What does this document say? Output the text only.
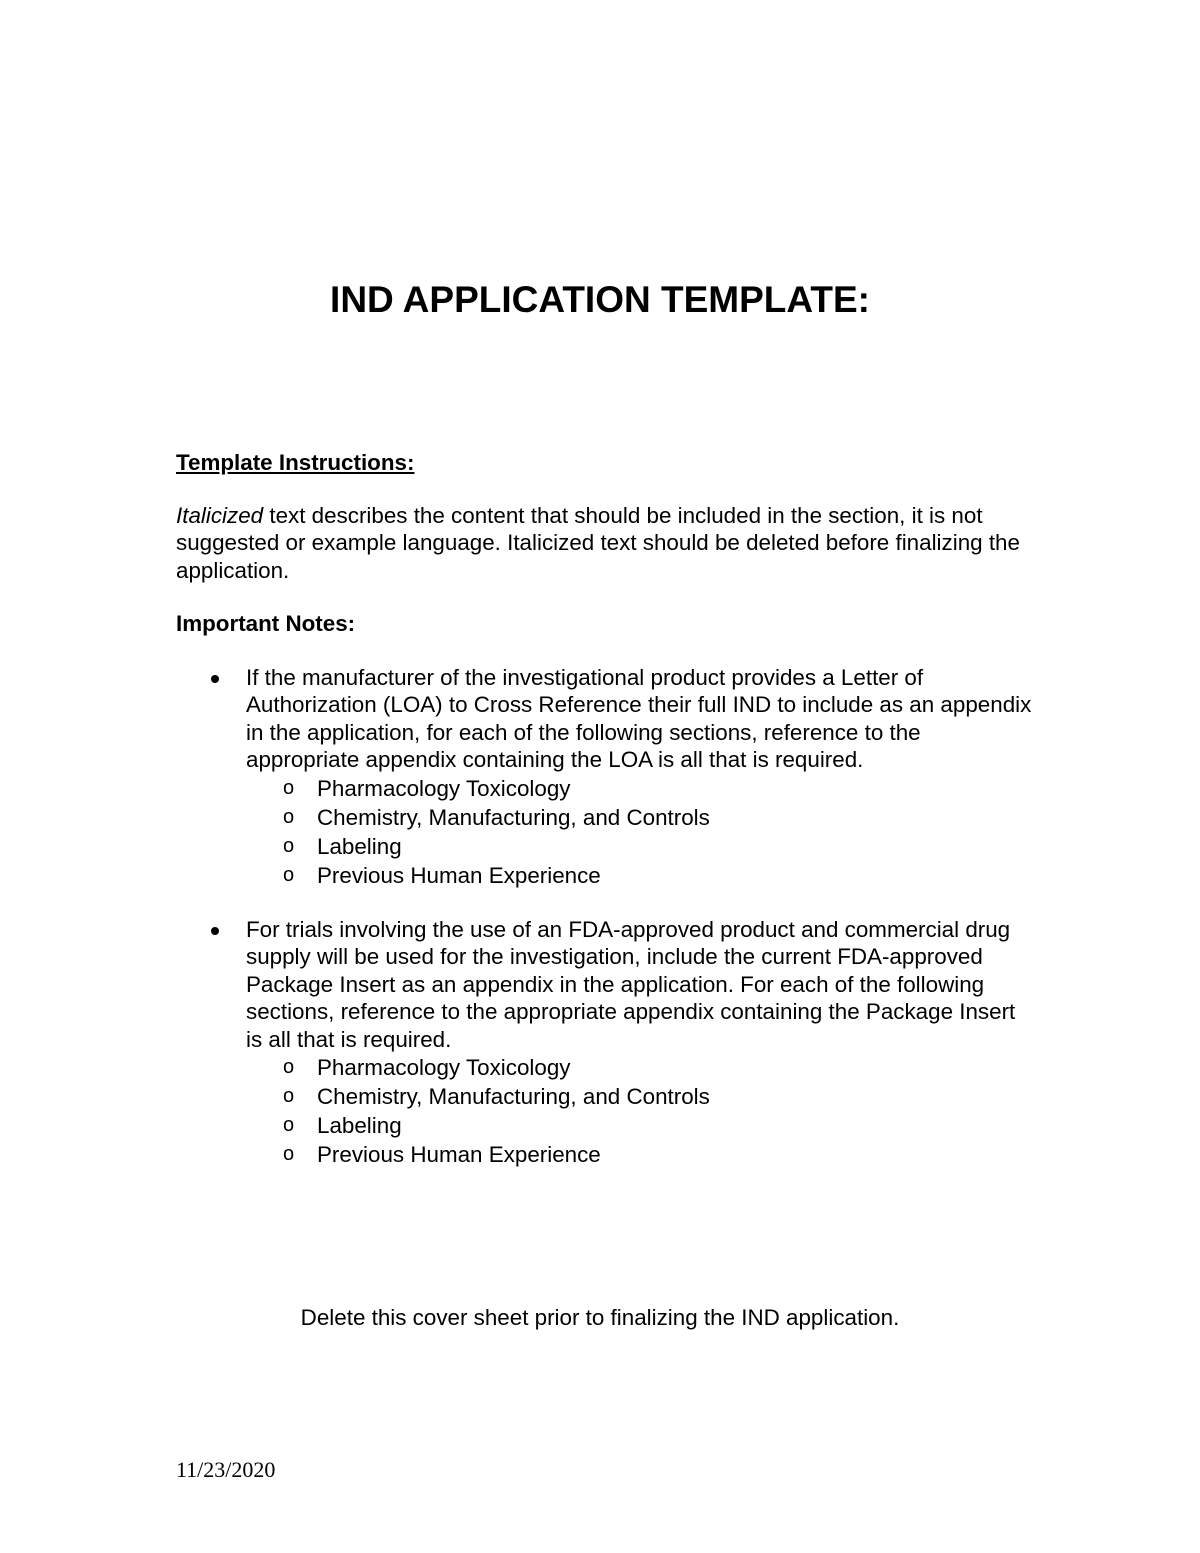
IND APPLICATION TEMPLATE:

Template Instructions:

Italicized text describes the content that should be included in the section, it is not suggested or example language. Italicized text should be deleted before finalizing the application.

Important Notes:

If the manufacturer of the investigational product provides a Letter of Authorization (LOA) to Cross Reference their full IND to include as an appendix in the application, for each of the following sections, reference to the appropriate appendix containing the LOA is all that is required.

o Pharmacology Toxicology
o Chemistry, Manufacturing, and Controls
o Labeling
o Previous Human Experience

For trials involving the use of an FDA-approved product and commercial drug supply will be used for the investigation, include the current FDA-approved Package Insert as an appendix in the application. For each of the following sections, reference to the appropriate appendix containing the Package Insert is all that is required.

o Pharmacology Toxicology
o Chemistry, Manufacturing, and Controls
o Labeling
o Previous Human Experience

Delete this cover sheet prior to finalizing the IND application.

11/23/2020
